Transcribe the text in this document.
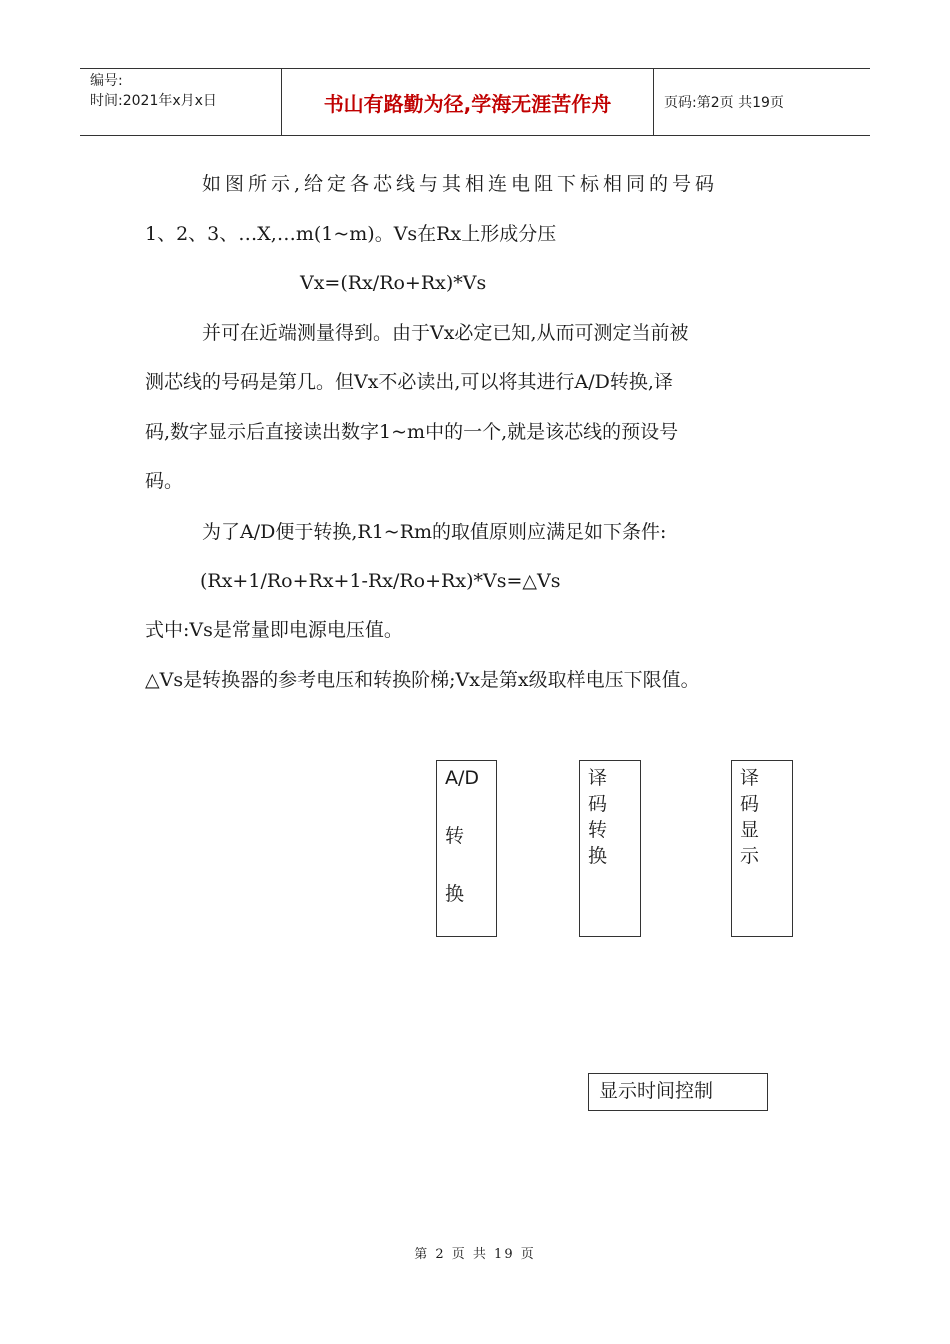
编号:
时间:2021年x月x日	书山有路勤为径,学海无涯苦作舟	页码:第2页 共19页

如图所示,给定各芯线与其相连电阻下标相同的号码

1、2、3、…X,…m(1~m)。Vs在Rx上形成分压

Vx=(Rx/Ro+Rx)*Vs

并可在近端测量得到。由于Vx必定已知,从而可测定当前被

测芯线的号码是第几。但Vx不必读出,可以将其进行A/D转换,译

码,数字显示后直接读出数字1~m中的一个,就是该芯线的预设号

码。

为了A/D便于转换,R1~Rm的取值原则应满足如下条件:

(Rx+1/Ro+Rx+1-Rx/Ro+Rx)*Vs=△Vs

式中:Vs是常量即电源电压值。

△Vs是转换器的参考电压和转换阶梯;Vx是第x级取样电压下限值。

A/D
转
换
译
码
转
换
译
码
显
示
显示时间控制
第 2 页 共 19 页
